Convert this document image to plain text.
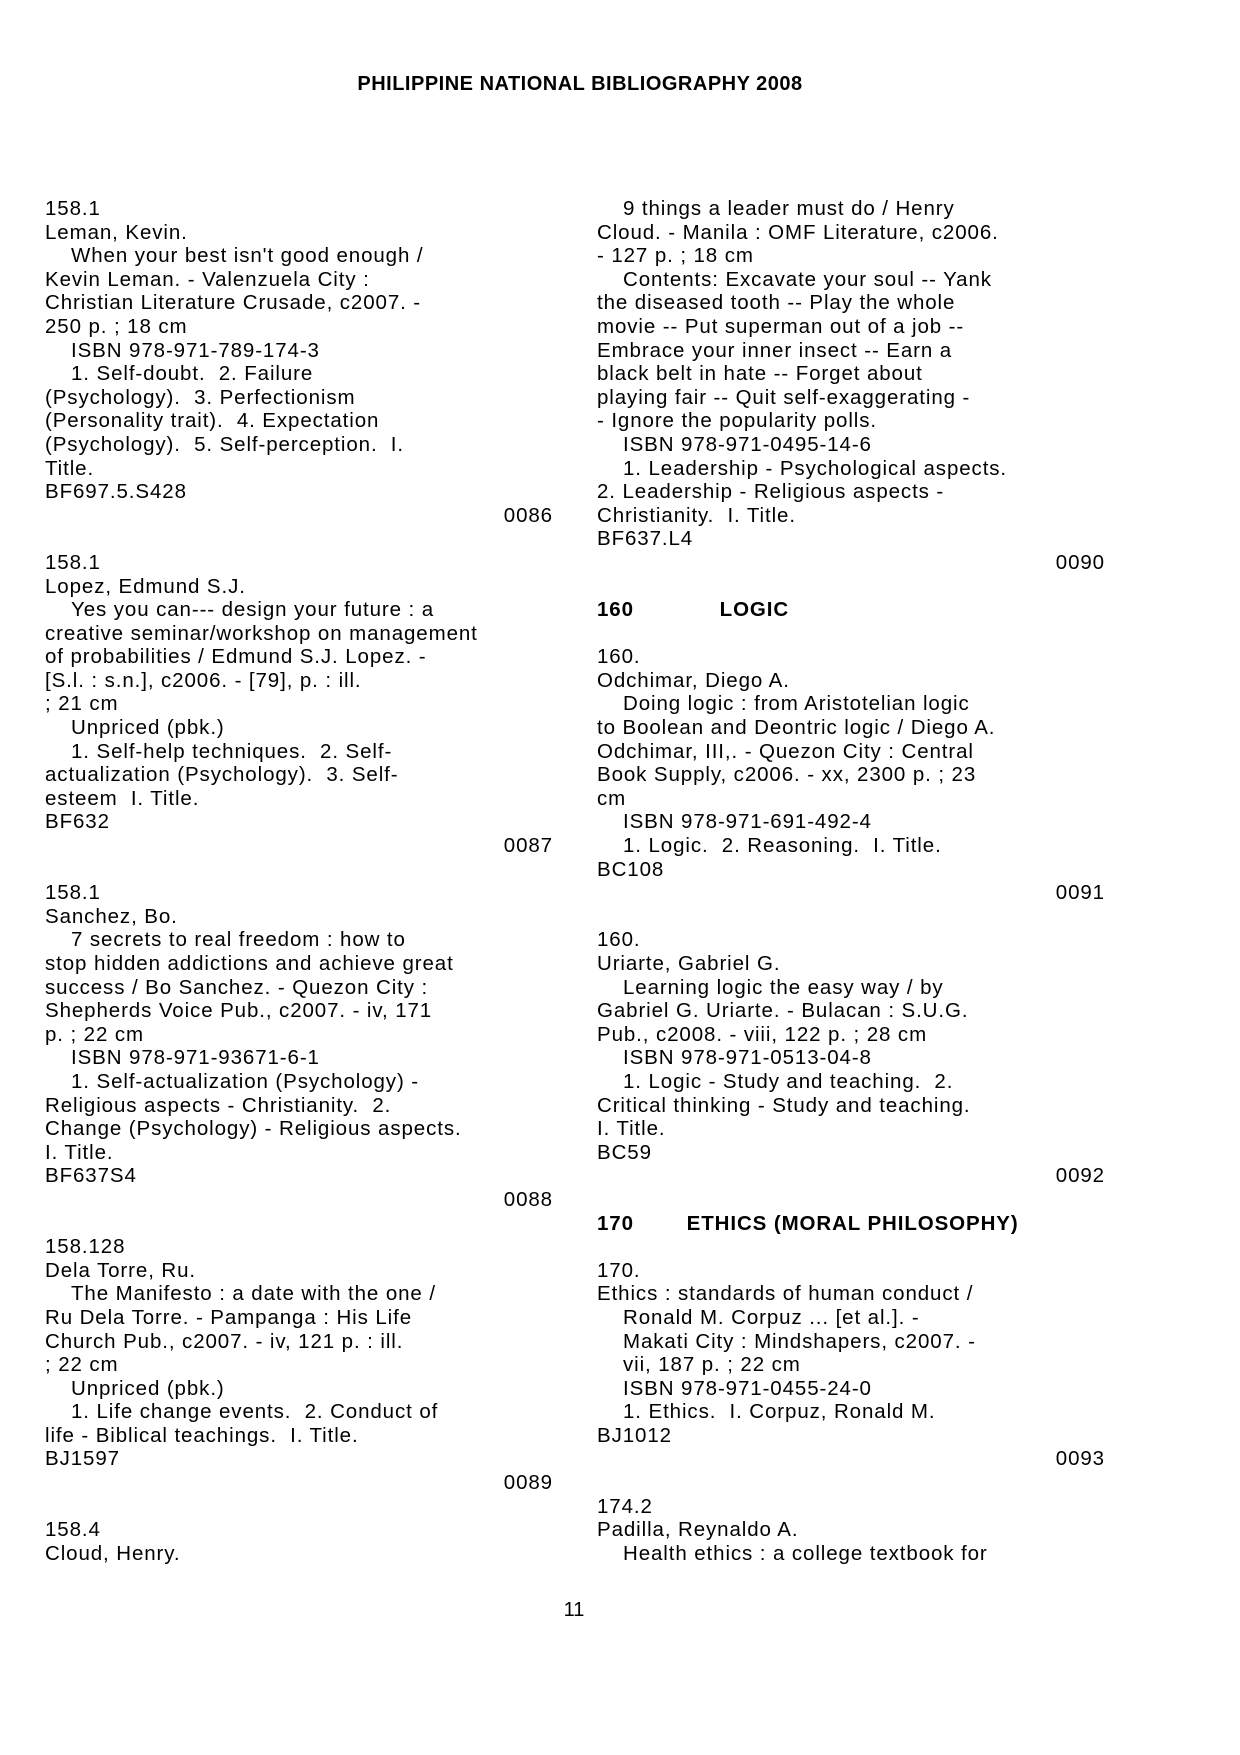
PHILIPPINE NATIONAL BIBLIOGRAPHY 2008
158.1
Leman, Kevin.
When your best isn't good enough /
Kevin Leman. - Valenzuela City :
Christian Literature Crusade, c2007. -
250 p. ; 18 cm
ISBN 978-971-789-174-3
1. Self-doubt.  2. Failure
(Psychology).  3. Perfectionism
(Personality trait).  4. Expectation
(Psychology).  5. Self-perception.  I.
Title.
BF697.5.S428
0086
158.1
Lopez, Edmund S.J.
Yes you can--- design your future : a
creative seminar/workshop on management
of probabilities / Edmund S.J. Lopez. -
[S.l. : s.n.], c2006. - [79], p. : ill.
; 21 cm
Unpriced (pbk.)
1. Self-help techniques.  2. Self-
actualization (Psychology).  3. Self-
esteem  I. Title.
BF632
0087
158.1
Sanchez, Bo.
7 secrets to real freedom : how to
stop hidden addictions and achieve great
success / Bo Sanchez. - Quezon City :
Shepherds Voice Pub., c2007. - iv, 171
p. ; 22 cm
ISBN 978-971-93671-6-1
1. Self-actualization (Psychology) -
Religious aspects - Christianity.  2.
Change (Psychology) - Religious aspects.
I. Title.
BF637S4
0088
158.128
Dela Torre, Ru.
The Manifesto : a date with the one /
Ru Dela Torre. - Pampanga : His Life
Church Pub., c2007. - iv, 121 p. : ill.
; 22 cm
Unpriced (pbk.)
1. Life change events.  2. Conduct of
life - Biblical teachings.  I. Title.
BJ1597
0089
158.4
Cloud, Henry.
9 things a leader must do / Henry
Cloud. - Manila : OMF Literature, c2006.
- 127 p. ; 18 cm
Contents: Excavate your soul -- Yank
the diseased tooth -- Play the whole
movie -- Put superman out of a job --
Embrace your inner insect -- Earn a
black belt in hate -- Forget about
playing fair -- Quit self-exaggerating -
- Ignore the popularity polls.
ISBN 978-971-0495-14-6
1. Leadership - Psychological aspects.
2. Leadership - Religious aspects -
Christianity.  I. Title.
BF637.L4
0090
160             LOGIC
160.
Odchimar, Diego A.
Doing logic : from Aristotelian logic
to Boolean and Deontric logic / Diego A.
Odchimar, III,. - Quezon City : Central
Book Supply, c2006. - xx, 2300 p. ; 23
cm
ISBN 978-971-691-492-4
1. Logic.  2. Reasoning.  I. Title.
BC108
0091
160.
Uriarte, Gabriel G.
Learning logic the easy way / by
Gabriel G. Uriarte. - Bulacan : S.U.G.
Pub., c2008. - viii, 122 p. ; 28 cm
ISBN 978-971-0513-04-8
1. Logic - Study and teaching.  2.
Critical thinking - Study and teaching.
I. Title.
BC59
0092
170        ETHICS (MORAL PHILOSOPHY)
170.
Ethics : standards of human conduct /
Ronald M. Corpuz ... [et al.]. -
Makati City : Mindshapers, c2007. -
vii, 187 p. ; 22 cm
ISBN 978-971-0455-24-0
1. Ethics.  I. Corpuz, Ronald M.
BJ1012
0093
174.2
Padilla, Reynaldo A.
Health ethics : a college textbook for
11
